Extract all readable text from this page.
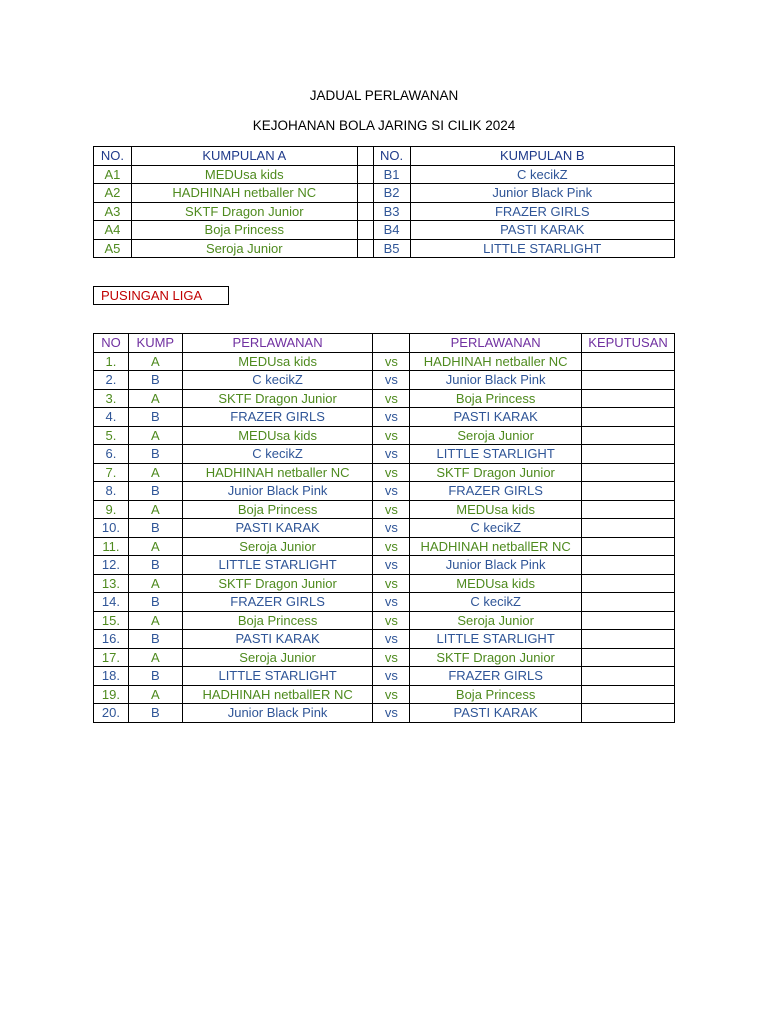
JADUAL PERLAWANAN
KEJOHANAN BOLA JARING SI CILIK 2024
NO.	KUMPULAN A		NO.	KUMPULAN B
A1	MEDUsa kids		B1	C kecikZ
A2	HADHINAH netballer NC		B2	Junior Black Pink
A3	SKTF Dragon Junior		B3	FRAZER GIRLS
A4	Boja Princess		B4	PASTI KARAK
A5	Seroja Junior		B5	LITTLE STARLIGHT
PUSINGAN LIGA
NO	KUMP	PERLAWANAN		PERLAWANAN	KEPUTUSAN
1.	A	MEDUsa kids	vs	HADHINAH netballer NC	
2.	B	C kecikZ	vs	Junior Black Pink	
3.	A	SKTF Dragon Junior	vs	Boja Princess	
4.	B	FRAZER GIRLS	vs	PASTI KARAK	
5.	A	MEDUsa kids	vs	Seroja Junior	
6.	B	C kecikZ	vs	LITTLE STARLIGHT	
7.	A	HADHINAH netballer NC	vs	SKTF Dragon Junior	
8.	B	Junior Black Pink	vs	FRAZER GIRLS	
9.	A	Boja Princess	vs	MEDUsa kids	
10.	B	PASTI KARAK	vs	C kecikZ	
11.	A	Seroja Junior	vs	HADHINAH netballER NC	
12.	B	LITTLE STARLIGHT	vs	Junior Black Pink	
13.	A	SKTF Dragon Junior	vs	MEDUsa kids	
14.	B	FRAZER GIRLS	vs	C kecikZ	
15.	A	Boja Princess	vs	Seroja Junior	
16.	B	PASTI KARAK	vs	LITTLE STARLIGHT	
17.	A	Seroja Junior	vs	SKTF Dragon Junior	
18.	B	LITTLE STARLIGHT	vs	FRAZER GIRLS	
19.	A	HADHINAH netballER NC	vs	Boja Princess	
20.	B	Junior Black Pink	vs	PASTI KARAK	
